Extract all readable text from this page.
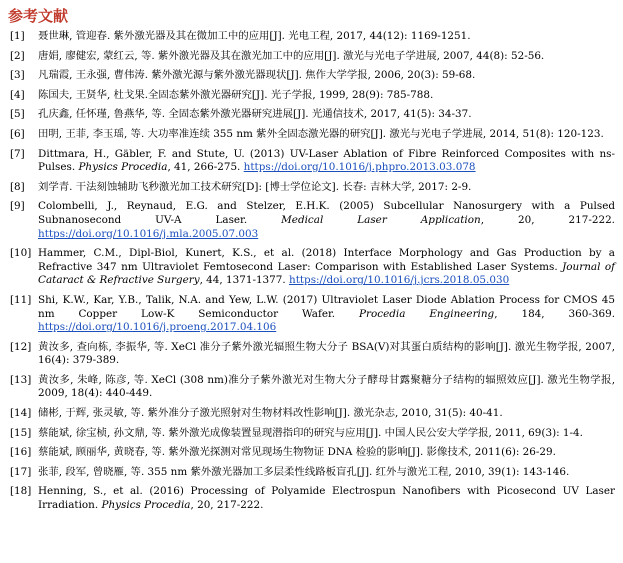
参考文献
[1]	聂世琳, 管迎春. 紫外激光器及其在微加工中的应用[J]. 光电工程, 2017, 44(12): 1169-1251.
[2]	唐娟, 廖健宏, 蒙红云, 等. 紫外激光器及其在激光加工中的应用[J]. 激光与光电子学进展, 2007, 44(8): 52-56.
[3]	凡瑞霞, 王永强, 曹伟涛. 紫外激光源与紫外激光器现状[J]. 焦作大学学报, 2006, 20(3): 59-68.
[4]	陈国夫, 王贤华, 杜戈果.全固态紫外激光器研究[J]. 光子学报, 1999, 28(9): 785-788.
[5]	孔庆鑫, 任怀瑾, 鲁燕华, 等. 全固态紫外激光器研究进展[J]. 光通信技术, 2017, 41(5): 34-37.
[6]	田明, 王菲, 李玉瑶, 等. 大功率准连续 355 nm 紫外全固态激光器的研究[J]. 激光与光电子学进展, 2014, 51(8): 120-123.
[7]	Dittmara, H., Gäbler, F. and Stute, U. (2013) UV-Laser Ablation of Fibre Reinforced Composites with ns-Pulses. Physics Procedia, 41, 266-275. https://doi.org/10.1016/j.phpro.2013.03.078
[8]	刘学青. 干法刻蚀辅助飞秒激光加工技术研究[D]: [博士学位论文]. 长春: 吉林大学, 2017: 2-9.
[9]	Colombelli, J., Reynaud, E.G. and Stelzer, E.H.K. (2005) Subcellular Nanosurgery with a Pulsed Subnanosecond UV-A Laser. Medical Laser Application, 20, 217-222. https://doi.org/10.1016/j.mla.2005.07.003
[10] Hammer, C.M., Dipl-Biol, Kunert, K.S., et al. (2018) Interface Morphology and Gas Production by a Refractive 347 nm Ultraviolet Femtosecond Laser: Comparison with Established Laser Systems. Journal of Cataract & Refractive Surgery, 44, 1371-1377. https://doi.org/10.1016/j.jcrs.2018.05.030
[11] Shi, K.W., Kar, Y.B., Talik, N.A. and Yew, L.W. (2017) Ultraviolet Laser Diode Ablation Process for CMOS 45 nm Copper Low-K Semiconductor Wafer. Procedia Engineering, 184, 360-369. https://doi.org/10.1016/j.proeng.2017.04.106
[12] 黄汝多, 查向栋, 李振华, 等. XeCl 准分子紫外激光辐照生物大分子 BSA(V)对其蛋白质结构的影响[J]. 激光生物学报, 2007, 16(4): 379-389.
[13] 黄汝多, 朱峰, 陈彦, 等. XeCl (308 nm)准分子紫外激光对生物大分子酵母甘露聚糖分子结构的辐照效应[J]. 激光生物学报, 2009, 18(4): 440-449.
[14] 储彬, 于辉, 张灵敏, 等. 紫外准分子激光照射对生物材料改性影响[J]. 激光杂志, 2010, 31(5): 40-41.
[15] 蔡能斌, 徐宝桢, 孙文鼎, 等. 紫外激光成像装置显现潜指印的研究与应用[J]. 中国人民公安大学学报, 2011, 69(3): 1-4.
[16] 蔡能斌, 顾丽华, 黄晓春, 等. 紫外激光探测对常见现场生物物证 DNA 检验的影响[J]. 影像技术, 2011(6): 26-29.
[17] 张菲, 段军, 曾晓雁, 等. 355 nm 紫外激光器加工多层柔性线路板盲孔[J]. 红外与激光工程, 2010, 39(1): 143-146.
[18] Henning, S., et al. (2016) Processing of Polyamide Electrospun Nanofibers with Picosecond UV Laser Irradiation. Physics Procedia, 20, 217-222.
